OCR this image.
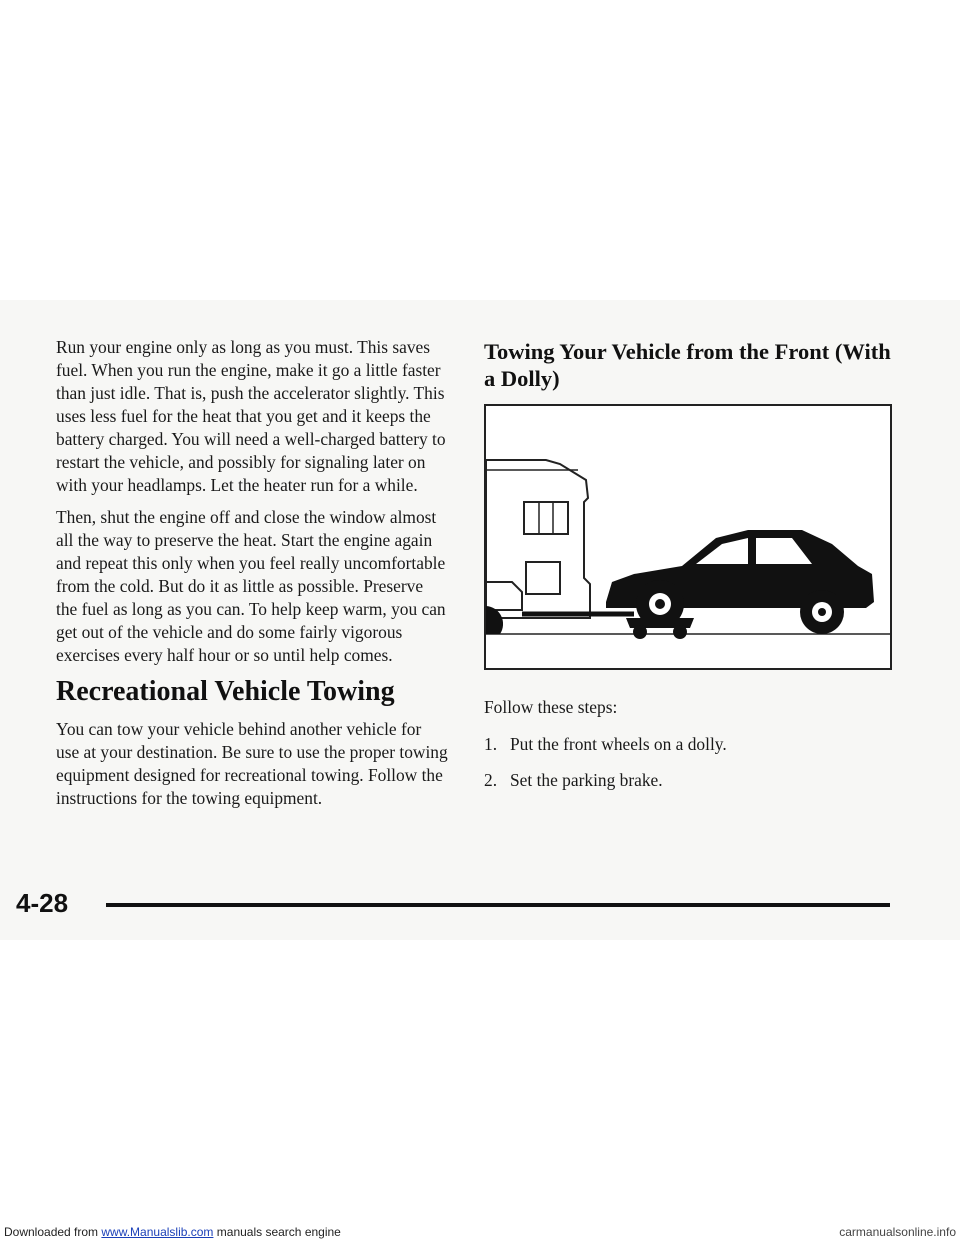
Run your engine only as long as you must. This saves fuel. When you run the engine, make it go a little faster than just idle. That is, push the accelerator slightly. This uses less fuel for the heat that you get and it keeps the battery charged. You will need a well-charged battery to restart the vehicle, and possibly for signaling later on with your headlamps. Let the heater run for a while.

Then, shut the engine off and close the window almost all the way to preserve the heat. Start the engine again and repeat this only when you feel really uncomfortable from the cold. But do it as little as possible. Preserve the fuel as long as you can. To help keep warm, you can get out of the vehicle and do some fairly vigorous exercises every half hour or so until help comes.

Recreational Vehicle Towing

You can tow your vehicle behind another vehicle for use at your destination. Be sure to use the proper towing equipment designed for recreational towing. Follow the instructions for the towing equipment.

Towing Your Vehicle from the Front (With a Dolly)

Follow these steps:

1. Put the front wheels on a dolly.
2. Set the parking brake.
4-28
Downloaded from www.Manualslib.com manuals search engine	carmanualsonline.info
